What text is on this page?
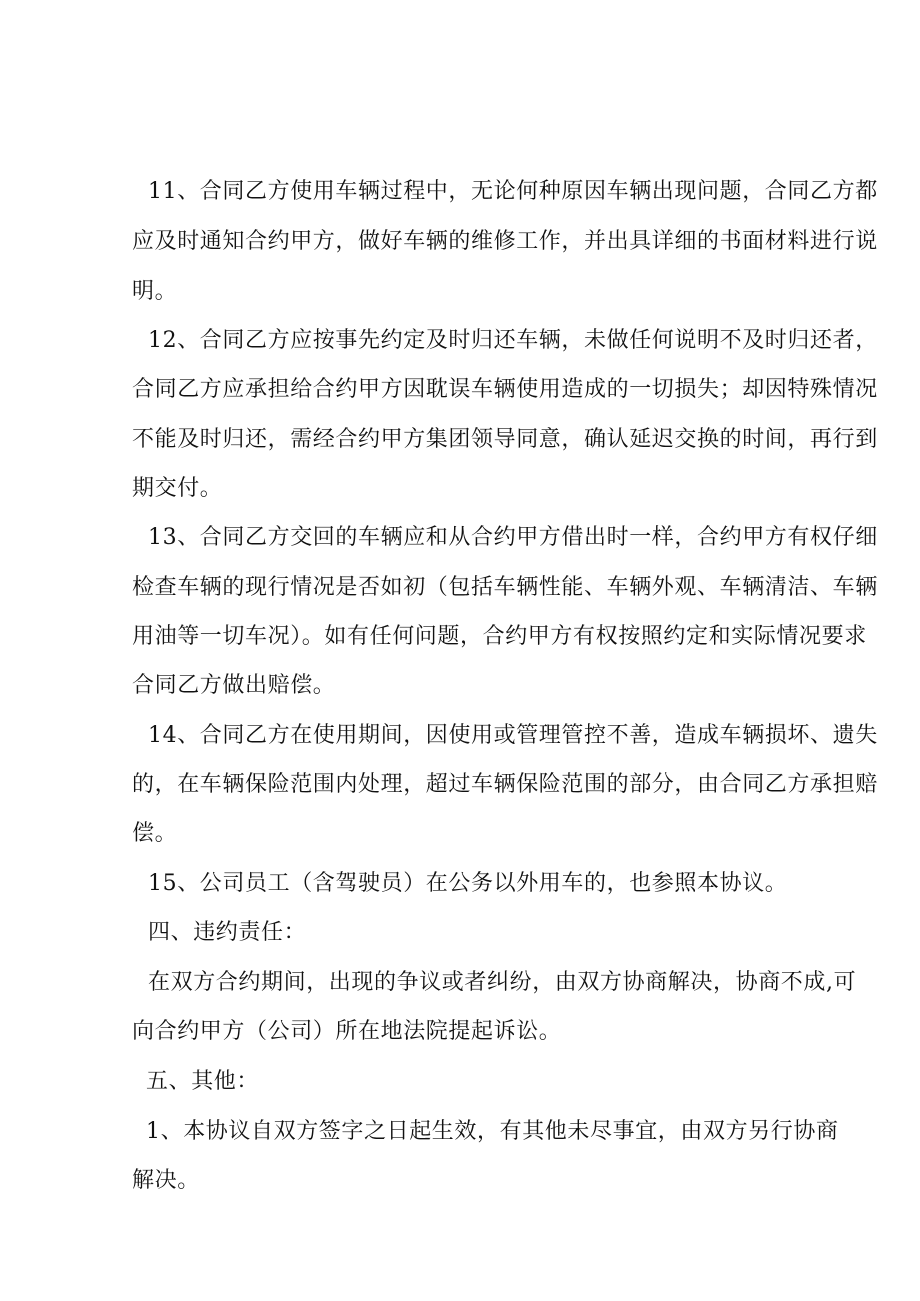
11、合同乙方使用车辆过程中，无论何种原因车辆出现问题，合同乙方都
应及时通知合约甲方，做好车辆的维修工作，并出具详细的书面材料进行说
明。
12、合同乙方应按事先约定及时归还车辆，未做任何说明不及时归还者，
合同乙方应承担给合约甲方因耽误车辆使用造成的一切损失；却因特殊情况
不能及时归还，需经合约甲方集团领导同意，确认延迟交换的时间，再行到
期交付。
13、合同乙方交回的车辆应和从合约甲方借出时一样，合约甲方有权仔细
检查车辆的现行情况是否如初（包括车辆性能、车辆外观、车辆清洁、车辆
用油等一切车况）。如有任何问题，合约甲方有权按照约定和实际情况要求
合同乙方做出赔偿。
14、合同乙方在使用期间，因使用或管理管控不善，造成车辆损坏、遗失
的，在车辆保险范围内处理，超过车辆保险范围的部分，由合同乙方承担赔
偿。
15、公司员工（含驾驶员）在公务以外用车的，也参照本协议。
四、违约责任：
在双方合约期间，出现的争议或者纠纷，由双方协商解决，协商不成,可
向合约甲方（公司）所在地法院提起诉讼。
五、其他：
1、本协议自双方签字之日起生效，有其他未尽事宜，由双方另行协商
解决。
